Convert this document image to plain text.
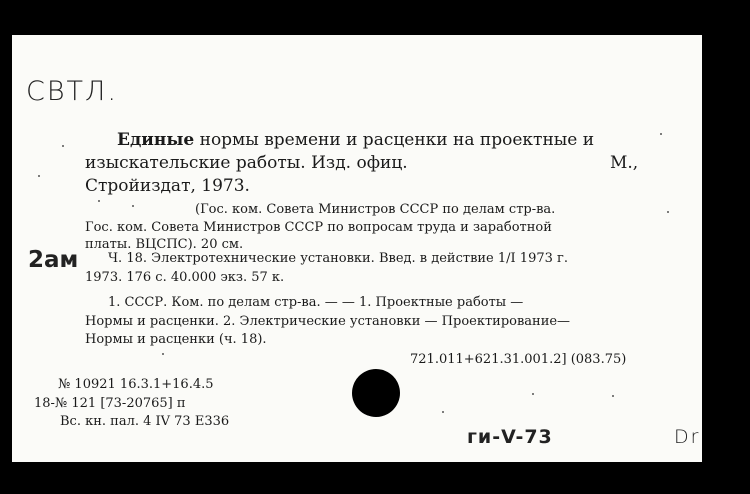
СВТЛ.
Единые нормы времени и расценки на проектные и
изыскательские работы. Изд. офиц.	М.,
Стройиздат, 1973.
(Гос. ком. Совета Министров СССР по делам стр-ва.
Гос. ком. Совета Министров СССР по вопросам труда и заработной
платы. ВЦСПС). 20 см.
2ам Ч. 18. Электротехнические установки. Введ. в действие 1/I 1973 г.
1973. 176 с. 40.000 экз. 57 к.
1. СССР. Ком. по делам стр-ва. — — 1. Проектные работы —
Нормы и расценки. 2. Электрические установки — Проектирование—
Нормы и расценки (ч. 18).
721.011+621.31.001.2] (083.75)
№ 10921 16.3.1+16.4.5
18-№ 121 [73-20765] п
Вс. кн. пал. 4 IV 73 Е336
ги-V-73	Dr
